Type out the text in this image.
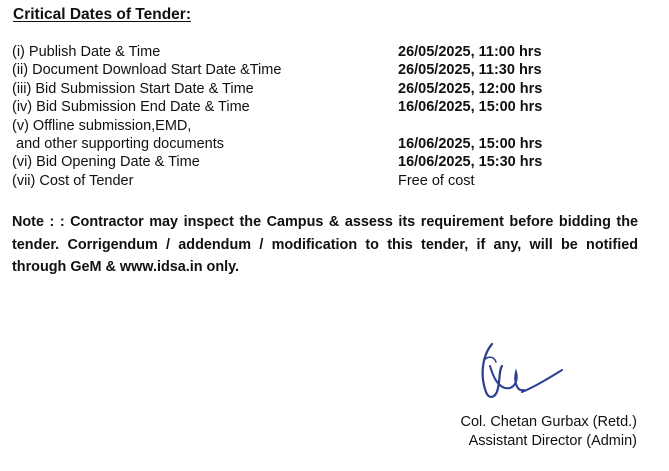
Critical Dates of Tender:
(i) Publish Date & Time	26/05/2025, 11:00 hrs
(ii) Document Download Start Date &Time	26/05/2025, 11:30 hrs
(iii) Bid Submission Start Date & Time	26/05/2025, 12:00 hrs
(iv) Bid Submission End Date & Time	16/06/2025, 15:00 hrs
(v) Offline submission,EMD,
and other supporting documents	16/06/2025, 15:00 hrs
(vi) Bid Opening Date & Time	16/06/2025, 15:30 hrs
(vii) Cost of Tender	Free of cost
Note : : Contractor may inspect the Campus & assess its requirement before bidding the tender. Corrigendum / addendum / modification to this tender, if any, will be notified through GeM & www.idsa.in only.
Col. Chetan Gurbax (Retd.)
Assistant Director (Admin)
